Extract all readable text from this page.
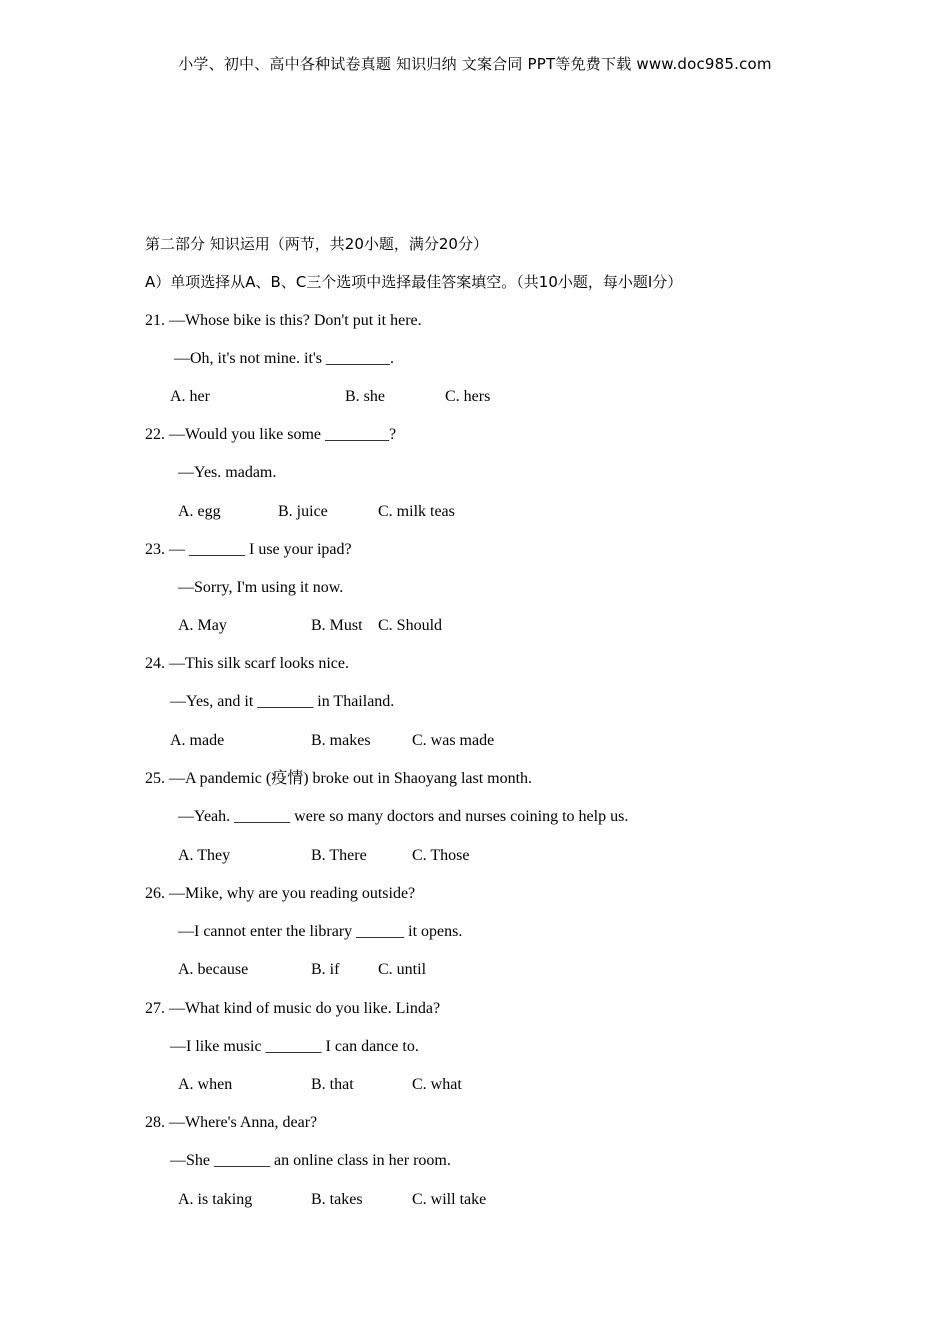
小学、初中、高中各种试卷真题 知识归纳 文案合同 PPT等免费下载 www.doc985.com
第二部分 知识运用（两节，共20小题，满分20分）
A）单项选择从A、B、C三个选项中选择最佳答案填空。（共10小题，每小题I分）
21. —Whose bike is this? Don't put it here.
—Oh, it's not mine. it's ________.
A. her	B. she	C. hers
22. —Would you like some ________?
—Yes. madam.
A. egg	B. juice	C. milk teas
23. — _______ I use your ipad?
—Sorry, I'm using it now.
A. May	B. Must C. Should
24. —This silk scarf looks nice.
—Yes, and it _______ in Thailand.
A. made	B. makes	C. was made
25. —A pandemic (疫情) broke out in Shaoyang last month.
—Yeah. _______ were so many doctors and nurses coining to help us.
A. They	B. There	C. Those
26. —Mike, why are you reading outside?
—I cannot enter the library ______ it opens.
A. because	B. if C. until
27. —What kind of music do you like. Linda?
—I like music _______ I can dance to.
A. when	B. that	C. what
28. —Where's Anna, dear?
—She _______ an online class in her room.
A. is taking	B. takes	C. will take
